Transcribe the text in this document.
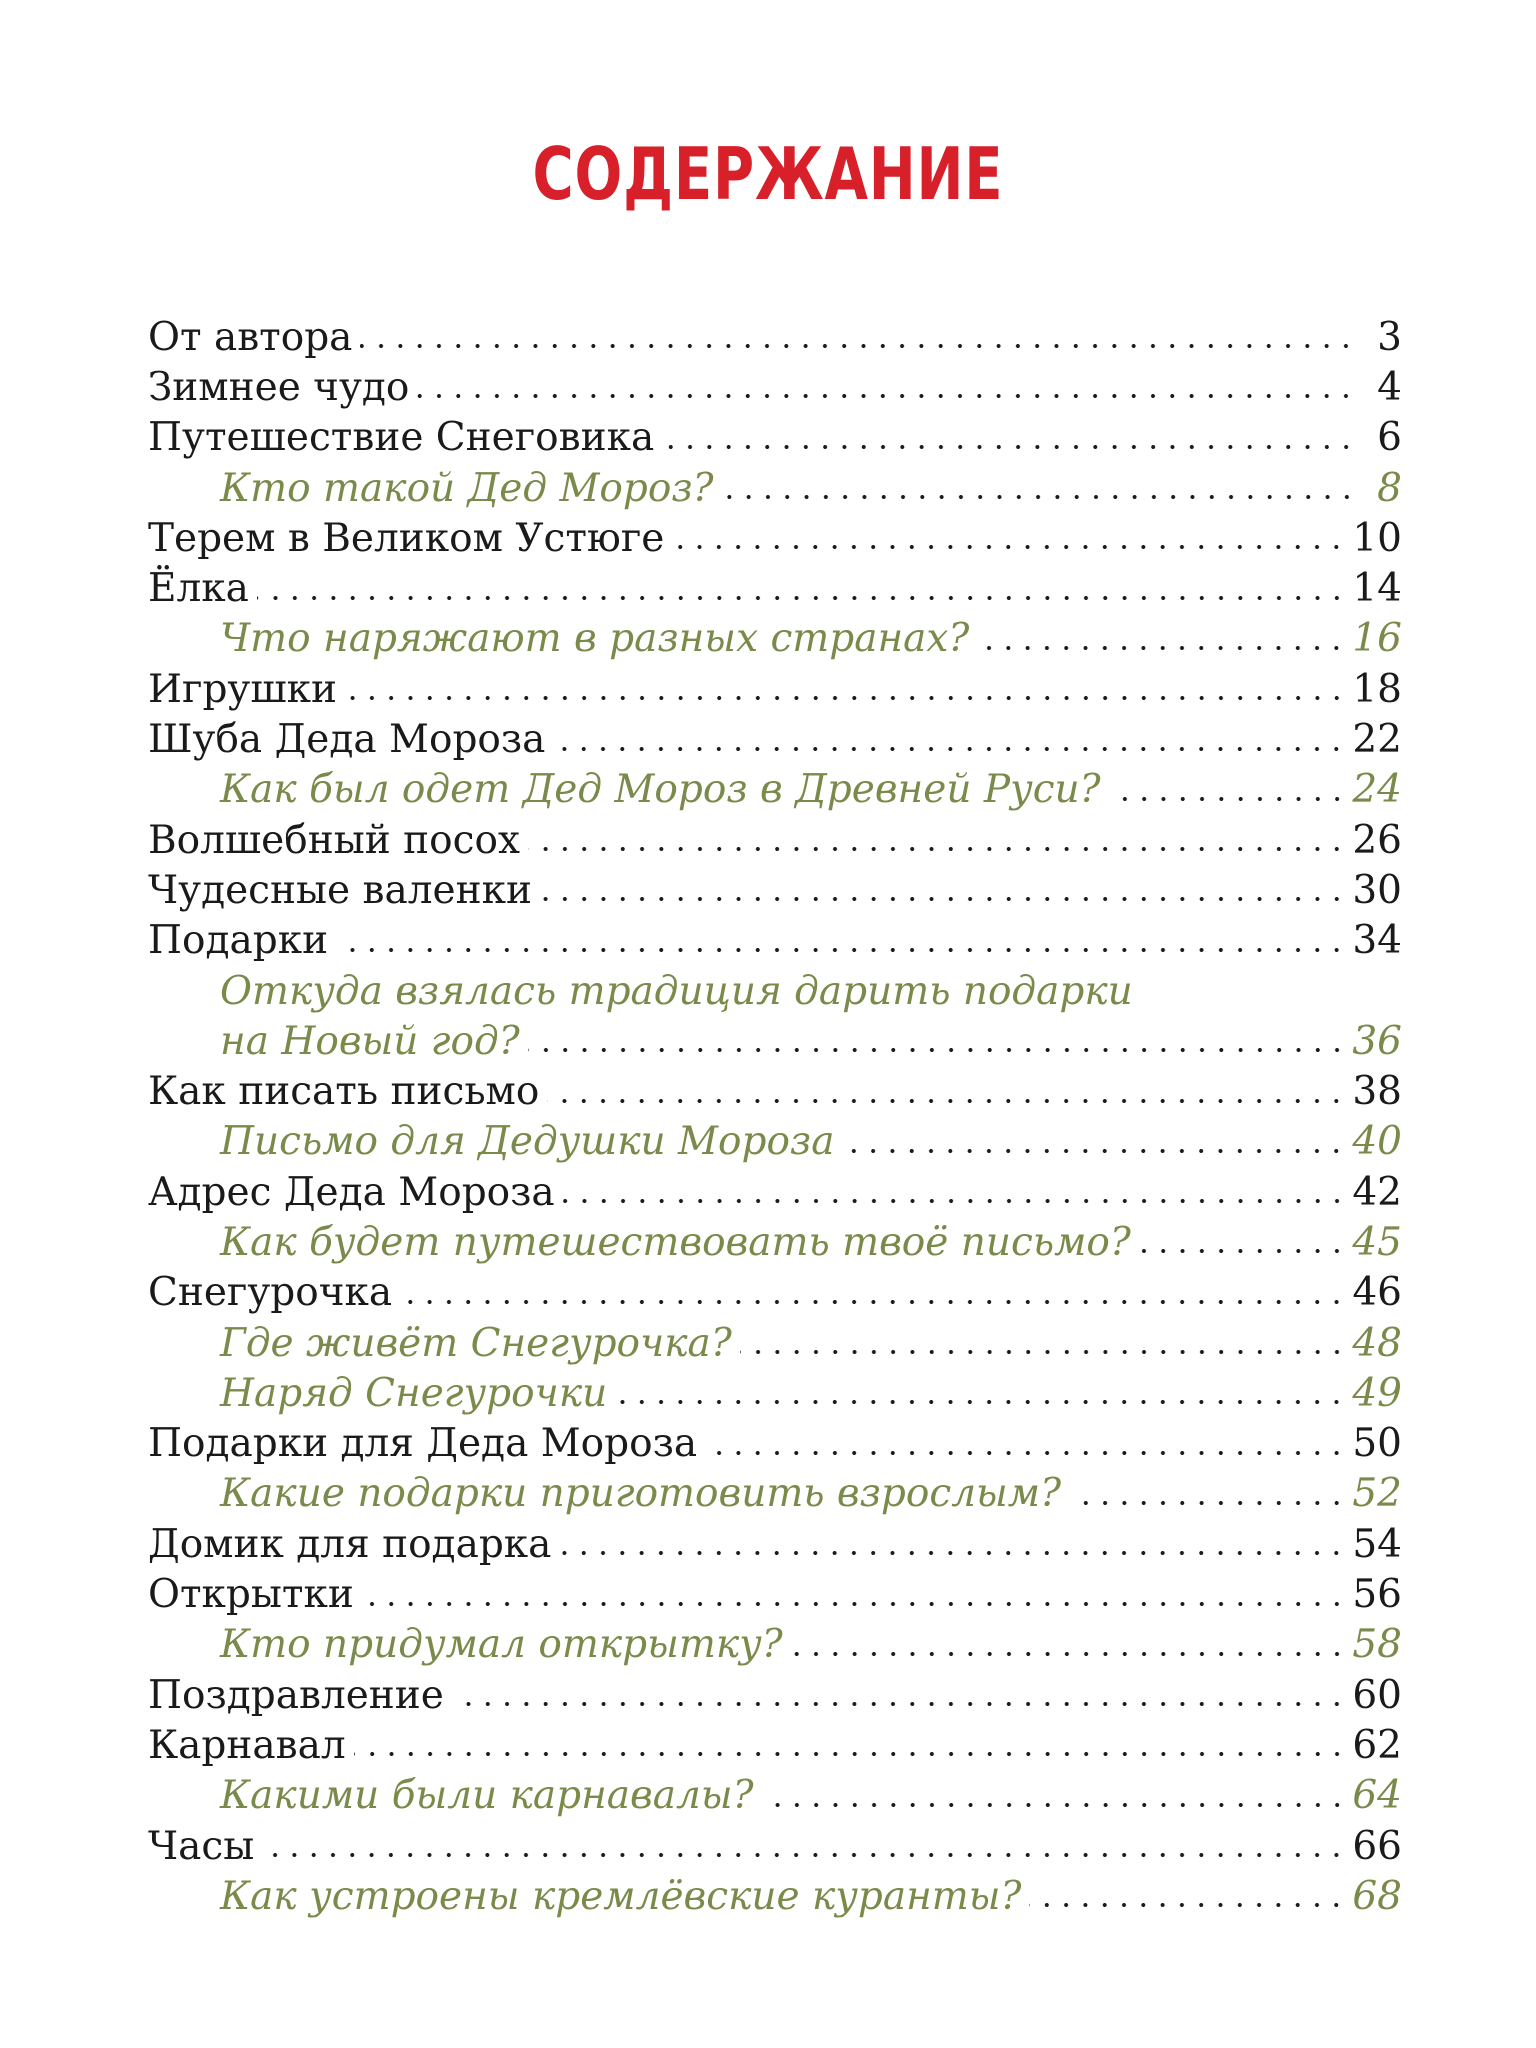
СОДЕРЖАНИЕ
От автора	3
Зимнее чудо	4
Путешествие Снеговика	6
Кто такой Дед Мороз?	8
Терем в Великом Устюге	10
Ёлка	14
Что наряжают в разных странах?	16
Игрушки	18
Шуба Деда Мороза	22
Как был одет Дед Мороз в Древней Руси?	24
Волшебный посох	26
Чудесные валенки	30
Подарки	34
Откуда взялась традиция дарить подарки
на Новый год?	36
Как писать письмо	38
Письмо для Дедушки Мороза	40
Адрес Деда Мороза	42
Как будет путешествовать твоё письмо?	45
Снегурочка	46
Где живёт Снегурочка?	48
Наряд Снегурочки	49
Подарки для Деда Мороза	50
Какие подарки приготовить взрослым?	52
Домик для подарка	54
Открытки	56
Кто придумал открытку?	58
Поздравление	60
Карнавал	62
Какими были карнавалы?	64
Часы	66
Как устроены кремлёвские куранты?	68
